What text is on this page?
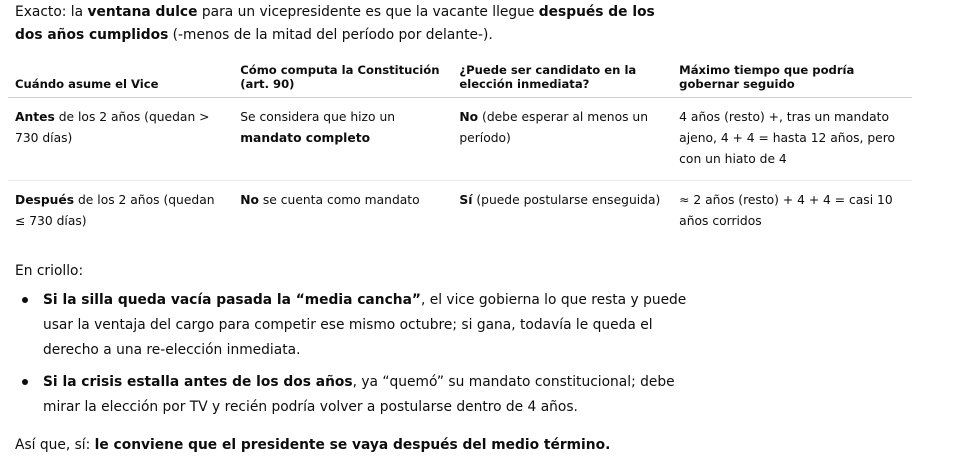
Exacto: la ventana dulce para un vicepresidente es que la vacante llegue después de los dos años cumplidos (-menos de la mitad del período por delante-).
Cuándo asume el Vice	Cómo computa la Constitución (art. 90)	¿Puede ser candidato en la elección inmediata?	Máximo tiempo que podría gobernar seguido
Antes de los 2 años (quedan > 730 días)	Se considera que hizo un mandato completo	No (debe esperar al menos un período)	4 años (resto) +, tras un mandato ajeno, 4 + 4 = hasta 12 años, pero con un hiato de 4
Después de los 2 años (quedan ≤ 730 días)	No se cuenta como mandato	Sí (puede postularse enseguida)	≈ 2 años (resto) + 4 + 4 = casi 10 años corridos
En criollo:
Si la silla queda vacía pasada la “media cancha”, el vice gobierna lo que resta y puede usar la ventaja del cargo para competir ese mismo octubre; si gana, todavía le queda el derecho a una re-elección inmediata.
Si la crisis estalla antes de los dos años, ya “quemó” su mandato constitucional; debe mirar la elección por TV y recién podría volver a postularse dentro de 4 años.
Así que, sí: le conviene que el presidente se vaya después del medio término.
